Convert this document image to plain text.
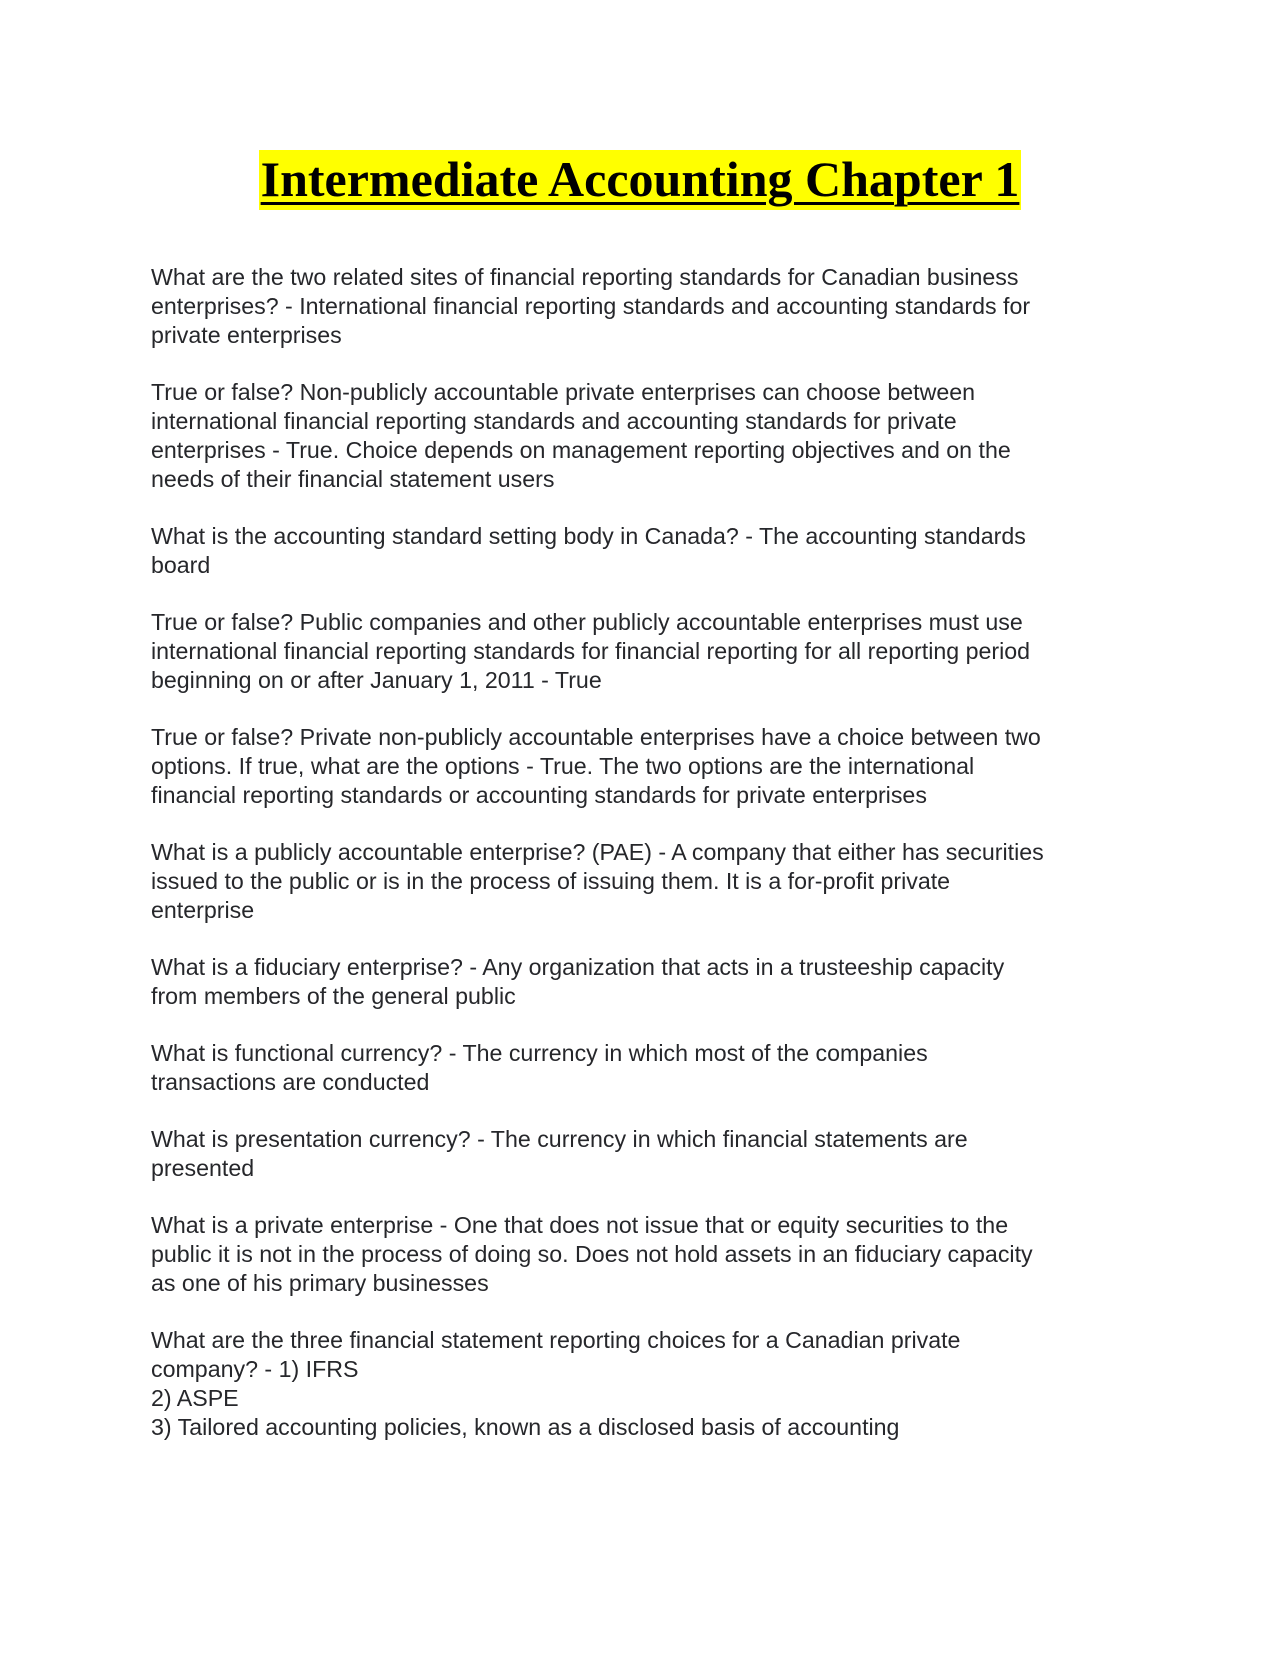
Intermediate Accounting Chapter 1
What are the two related sites of financial reporting standards for Canadian business
enterprises? - International financial reporting standards and accounting standards for
private enterprises
True or false? Non-publicly accountable private enterprises can choose between
international financial reporting standards and accounting standards for private
enterprises - True. Choice depends on management reporting objectives and on the
needs of their financial statement users
What is the accounting standard setting body in Canada? - The accounting standards
board
True or false? Public companies and other publicly accountable enterprises must use
international financial reporting standards for financial reporting for all reporting period
beginning on or after January 1, 2011 - True
True or false? Private non-publicly accountable enterprises have a choice between two
options. If true, what are the options - True. The two options are the international
financial reporting standards or accounting standards for private enterprises
What is a publicly accountable enterprise? (PAE) - A company that either has securities
issued to the public or is in the process of issuing them. It is a for-profit private
enterprise
What is a fiduciary enterprise? - Any organization that acts in a trusteeship capacity
from members of the general public
What is functional currency? - The currency in which most of the companies
transactions are conducted
What is presentation currency? - The currency in which financial statements are
presented
What is a private enterprise - One that does not issue that or equity securities to the
public it is not in the process of doing so. Does not hold assets in an fiduciary capacity
as one of his primary businesses
What are the three financial statement reporting choices for a Canadian private
company? - 1) IFRS
2) ASPE
3) Tailored accounting policies, known as a disclosed basis of accounting
